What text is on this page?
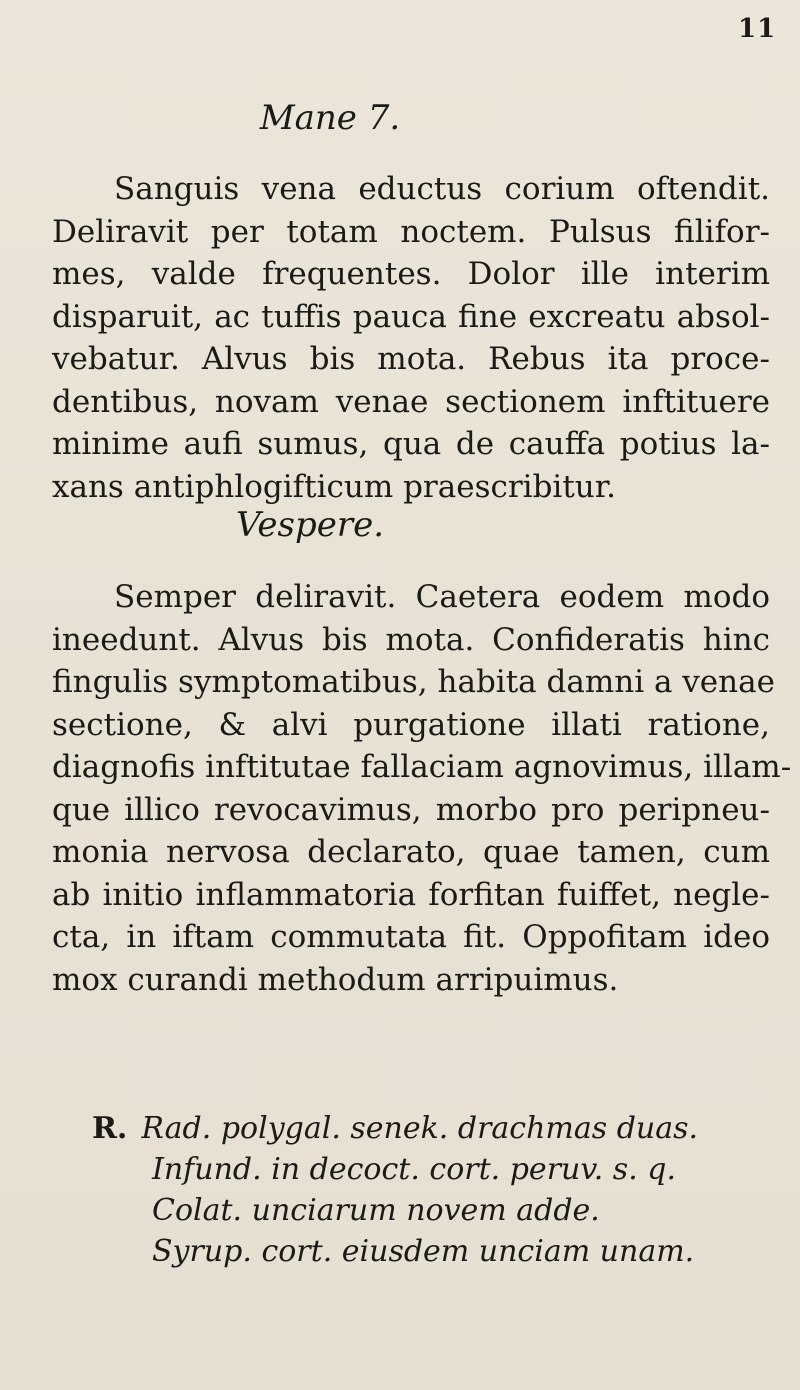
11
Mane 7.

Sanguis vena eductus corium oftendit.
Deliravit per totam noctem. Pulsus filifor-
mes, valde frequentes. Dolor ille interim
disparuit, ac tuffis pauca fine excreatu absol-
vebatur. Alvus bis mota. Rebus ita proce-
dentibus, novam venae sectionem inftituere
minime aufi sumus, qua de cauffa potius la-
xans antiphlogifticum praescribitur.

Vespere.

Semper deliravit. Caetera eodem modo
ineedunt. Alvus bis mota. Confideratis hinc
fingulis symptomatibus, habita damni a venae
sectione, & alvi purgatione illati ratione,
diagnofis inftitutae fallaciam agnovimus, illam-
que illico revocavimus, morbo pro peripneu-
monia nervosa declarato, quae tamen, cum
ab initio inflammatoria forfitan fuiffet, negle-
cta, in iftam commutata fit. Oppofitam ideo
mox curandi methodum arripuimus.

R. Rad. polygal. senek. drachmas duas.
Infund. in decoct. cort. peruv. s. q.
Colat. unciarum novem adde.
Syrup. cort. eiusdem unciam unam.
